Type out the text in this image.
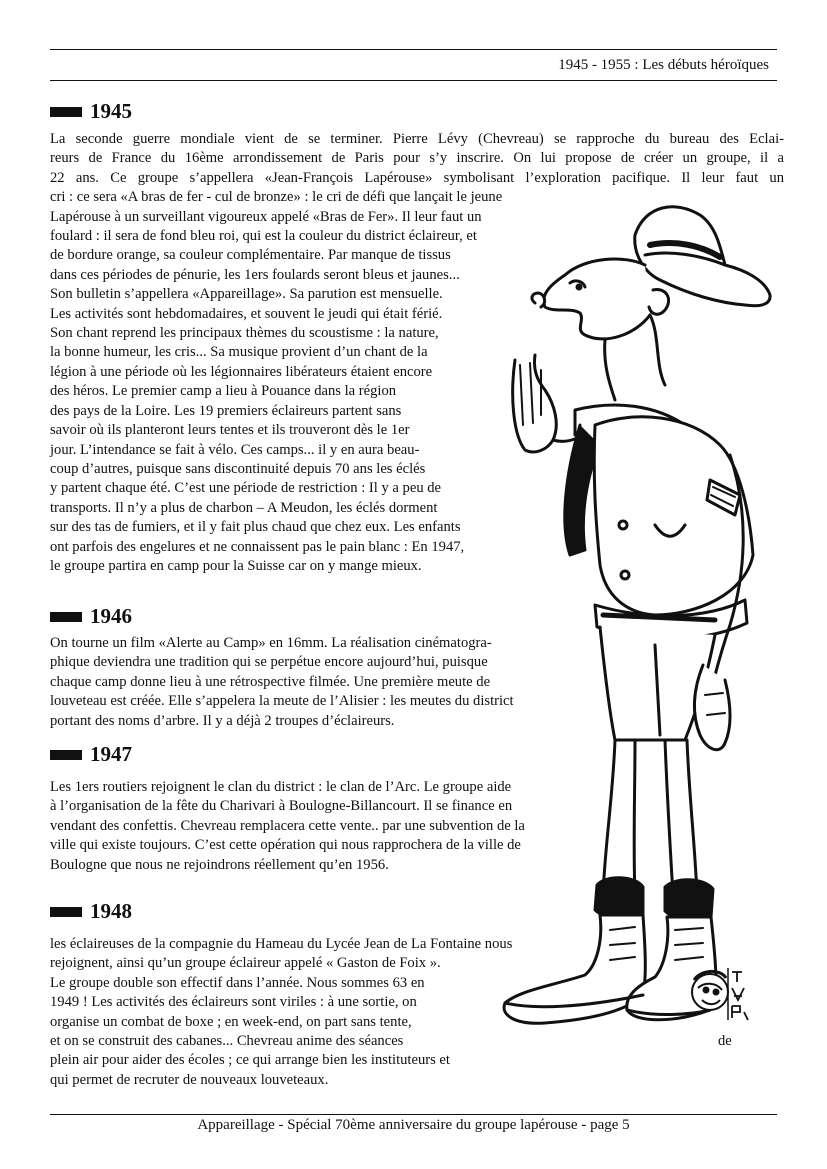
1945 - 1955 : Les débuts héroïques
1945
La seconde guerre mondiale vient de se terminer. Pierre Lévy (Chevreau) se rapproche du bureau des Eclai-
reurs de France du 16ème arrondissement de Paris pour s’y inscrire. On lui propose de créer un groupe, il a
22 ans. Ce groupe s’appellera «Jean-François Lapérouse» symbolisant l’exploration pacifique. Il leur faut un
cri : ce sera «A bras de fer - cul de bronze» : le cri de défi que lançait le jeune
Lapérouse à un surveillant vigoureux appelé «Bras de Fer». Il leur faut un
foulard : il sera de fond bleu roi, qui est la couleur du district éclaireur, et
de bordure orange, sa couleur complémentaire. Par manque de tissus
dans ces périodes de pénurie, les 1ers foulards seront bleus et jaunes...
Son bulletin s’appellera «Appareillage». Sa parution est mensuelle.
Les activités sont hebdomadaires, et souvent le jeudi qui était férié.
Son chant reprend les principaux thèmes du scoustisme : la nature,
la bonne humeur, les cris... Sa musique provient d’un chant de la
légion à une période où les légionnaires libérateurs étaient encore
des héros. Le premier camp a lieu à Pouance dans la région
des pays de la Loire. Les 19 premiers éclaireurs partent sans
savoir où ils planteront leurs tentes et ils trouveront dès le 1er
jour. L’intendance se fait à vélo. Ces camps... il y en aura beau-
coup d’autres, puisque sans discontinuité depuis 70 ans les éclés
y partent chaque été. C’est une période de restriction : Il y a peu de
transports. Il n’y a plus de charbon – A Meudon, les éclés dorment
sur des tas de fumiers, et il y fait plus chaud que chez eux. Les enfants
ont parfois des engelures et ne connaissent pas le pain blanc : En 1947,
le groupe partira en camp pour la Suisse car on y mange mieux.
1946
On tourne un film «Alerte au Camp» en 16mm. La réalisation cinématogra-
phique deviendra une tradition qui se perpétue encore aujourd’hui, puisque
chaque camp donne lieu à une rétrospective filmée. Une première meute de
louveteau est créée. Elle s’appelera la meute de l’Alisier : les meutes du district
portant des noms d’arbre. Il y a déjà 2 troupes d’éclaireurs.
1947
Les 1ers routiers rejoignent le clan du district : le clan de l’Arc. Le groupe aide
à l’organisation de la fête du Charivari à Boulogne-Billancourt. Il se finance en
vendant des confettis. Chevreau remplacera cette vente.. par une subvention de la
ville qui existe toujours. C’est cette opération qui nous rapprochera de la ville de
Boulogne que nous ne rejoindrons réellement qu’en 1956.
1948
les éclaireuses de la compagnie du Hameau du Lycée Jean de La Fontaine nous
rejoignent, ainsi qu’un groupe éclaireur appelé « Gaston de Foix ».
Le groupe double son effectif dans l’année. Nous sommes 63 en
1949 ! Les activités des éclaireurs sont viriles : à une sortie, on
organise un combat de boxe ; en week-end, on part sans tente,
et on se construit des cabanes... Chevreau anime des séances
plein air pour aider des écoles ; ce qui arrange bien les instituteurs et
qui permet de recruter de nouveaux louveteaux.
de
Appareillage - Spécial 70ème anniversaire du groupe lapérouse - page 5
